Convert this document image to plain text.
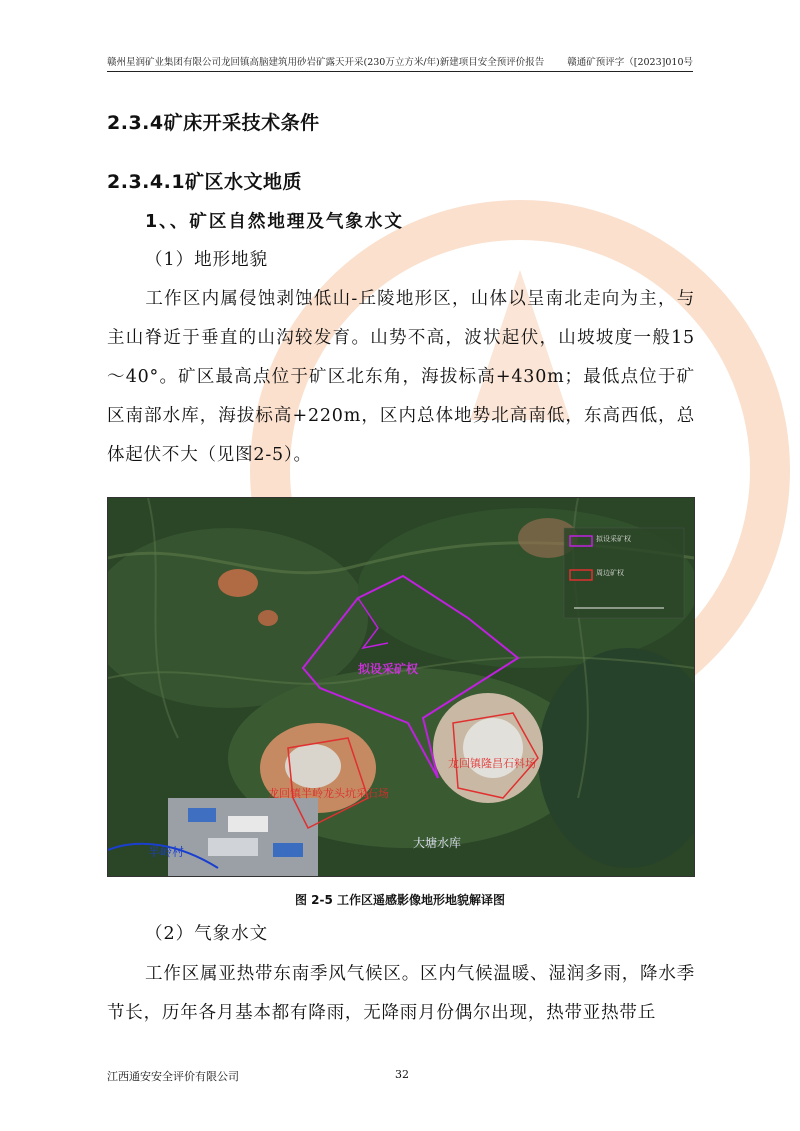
赣州星润矿业集团有限公司龙回镇高脑建筑用砂岩矿露天开采(230万立方米/年)新建项目安全预评价报告 赣通矿预评字（[2023]010号
2.3.4矿床开采技术条件
2.3.4.1矿区水文地质
1、、矿区自然地理及气象水文
（1）地形地貌
工作区内属侵蚀剥蚀低山-丘陵地形区，山体以呈南北走向为主，与主山脊近于垂直的山沟较发育。山势不高，波状起伏，山坡坡度一般15～40°。矿区最高点位于矿区北东角，海拔标高+430m；最低点位于矿区南部水库，海拔标高+220m，区内总体地势北高南低，东高西低，总体起伏不大（见图2-5）。
拟设采矿权
龙回镇隆昌石料场
龙回镇半岭龙头坑采石场
大塘水库
半岭村
拟设采矿权
周边矿权
图 2-5 工作区遥感影像地形地貌解译图
（2）气象水文
工作区属亚热带东南季风气候区。区内气候温暖、湿润多雨，降水季节长，历年各月基本都有降雨，无降雨月份偶尔出现，热带亚热带丘
江西通安安全评价有限公司	32
